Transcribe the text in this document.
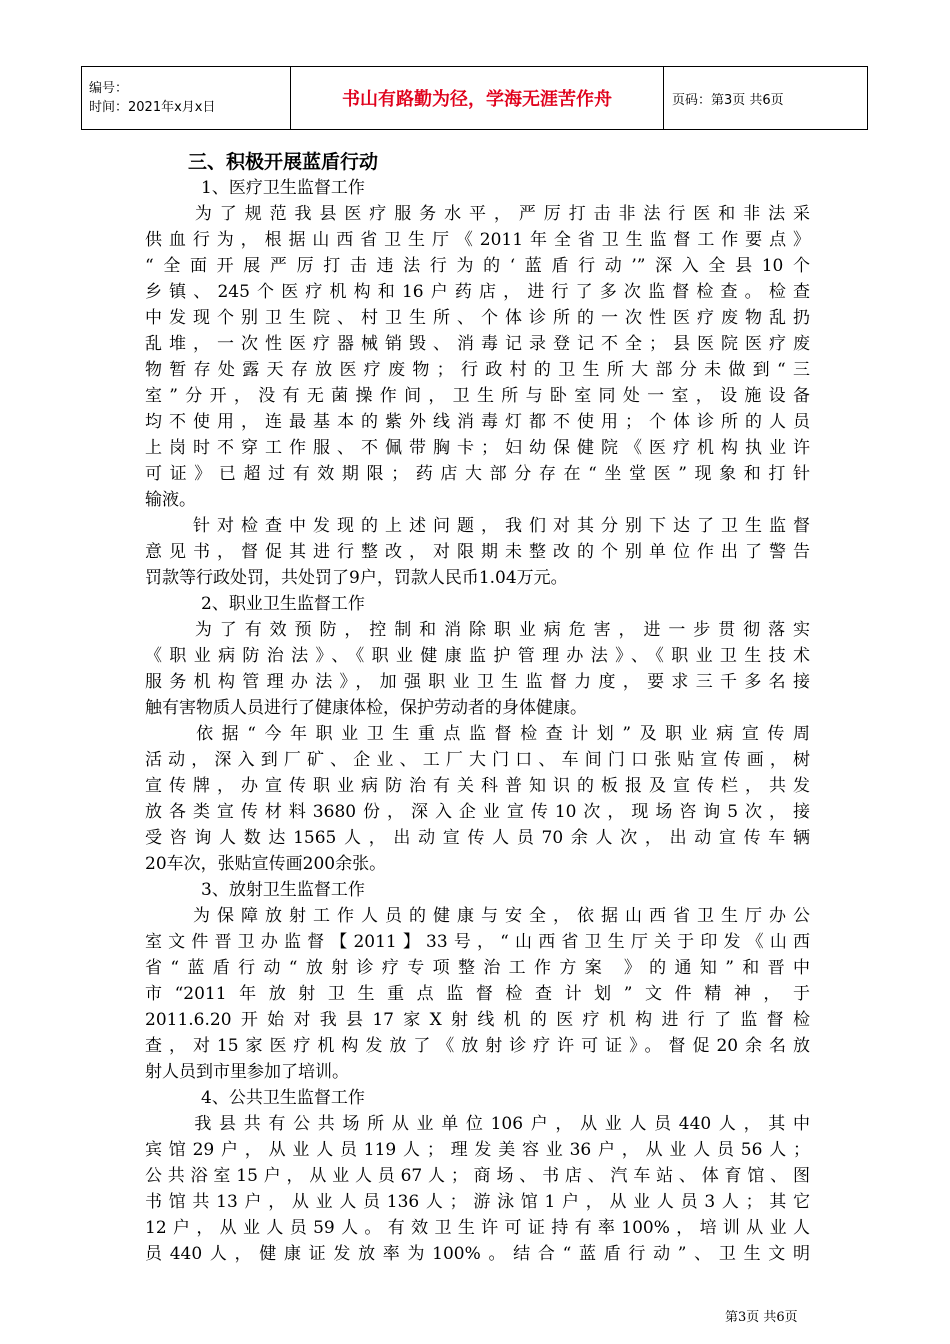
编号：
时间：2021年x月x日	书山有路勤为径，学海无涯苦作舟	页码：第3页 共6页
三、积极开展蓝盾行动
1、医疗卫生监督工作
　　为了规范我县医疗服务水平，严厉打击非法行医和非法采
供血行为，根据山西省卫生厅《2011年全省卫生监督工作要点》
“全面开展严厉打击违法行为的‘蓝盾行动’”深入全县10个
乡镇、245个医疗机构和16户药店，进行了多次监督检查。检查
中发现个别卫生院、村卫生所、个体诊所的一次性医疗废物乱扔
乱堆，一次性医疗器械销毁、消毒记录登记不全；县医院医疗废
物暂存处露天存放医疗废物；行政村的卫生所大部分未做到“三
室”分开，没有无菌操作间，卫生所与卧室同处一室，设施设备
均不使用，连最基本的紫外线消毒灯都不使用；个体诊所的人员
上岗时不穿工作服、不佩带胸卡；妇幼保健院《医疗机构执业许
可证》已超过有效期限；药店大部分存在“坐堂医”现象和打针
输液。
　　针对检查中发现的上述问题，我们对其分别下达了卫生监督
意见书，督促其进行整改，对限期未整改的个别单位作出了警告
罚款等行政处罚，共处罚了9户，罚款人民币1.04万元。
2、职业卫生监督工作
　　为了有效预防，控制和消除职业病危害，进一步贯彻落实
《职业病防治法》、《职业健康监护管理办法》、《职业卫生技术
服务机构管理办法》，加强职业卫生监督力度，要求三千多名接
触有害物质人员进行了健康体检，保护劳动者的身体健康。
　　依据“今年职业卫生重点监督检查计划”及职业病宣传周
活动，深入到厂矿、企业、工厂大门口、车间门口张贴宣传画，树
宣传牌，办宣传职业病防治有关科普知识的板报及宣传栏，共发
放各类宣传材料3680份，深入企业宣传10次，现场咨询5次，接
受咨询人数达1565人，出动宣传人员70余人次，出动宣传车辆
20车次，张贴宣传画200余张。
3、放射卫生监督工作
　　为保障放射工作人员的健康与安全，依据山西省卫生厅办公
室文件晋卫办监督【2011】33号，“山西省卫生厅关于印发《山西
省“蓝盾行动“放射诊疗专项整治工作方案 》的通知”和晋中
市“2011年放射卫生重点监督检查计划”文件精神，于
2011.6.20开始对我县17家X射线机的医疗机构进行了监督检
查，对15家医疗机构发放了《放射诊疗许可证》。督促20余名放
射人员到市里参加了培训。
4、公共卫生监督工作
　　我县共有公共场所从业单位106户，从业人员440人，其中
宾馆29户，从业人员119人；理发美容业36户，从业人员56人；
公共浴室15户，从业人员67人；商场、书店、汽车站、体育馆、图
书馆共13户，从业人员136人；游泳馆1户，从业人员3人；其它
12户，从业人员59人。有效卫生许可证持有率100%，培训从业人
员440人，健康证发放率为100%。结合“蓝盾行动”、卫生文明
第3页 共6页
